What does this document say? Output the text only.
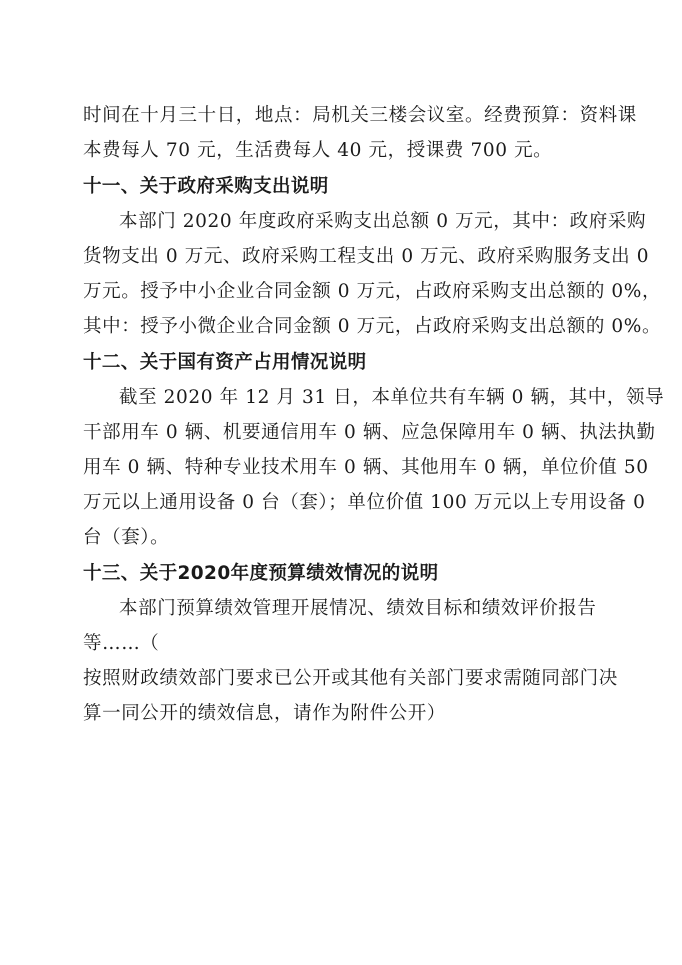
时间在十月三十日，地点：局机关三楼会议室。经费预算：资料课
本费每人 70 元，生活费每人 40 元，授课费 700 元。
十一、关于政府采购支出说明
本部门 2020 年度政府采购支出总额 0 万元，其中：政府采购
货物支出 0 万元、政府采购工程支出 0 万元、政府采购服务支出 0
万元。授予中小企业合同金额 0 万元，占政府采购支出总额的 0%，
其中：授予小微企业合同金额 0 万元，占政府采购支出总额的 0%。
十二、关于国有资产占用情况说明
截至 2020 年 12 月 31 日，本单位共有车辆 0 辆，其中，领导
干部用车 0 辆、机要通信用车 0 辆、应急保障用车 0 辆、执法执勤
用车 0 辆、特种专业技术用车 0 辆、其他用车 0 辆，单位价值 50
万元以上通用设备 0 台（套）；单位价值 100 万元以上专用设备 0
台（套）。
十三、关于2020年度预算绩效情况的说明
本部门预算绩效管理开展情况、绩效目标和绩效评价报告
等……（
按照财政绩效部门要求已公开或其他有关部门要求需随同部门决
算一同公开的绩效信息，请作为附件公开）
